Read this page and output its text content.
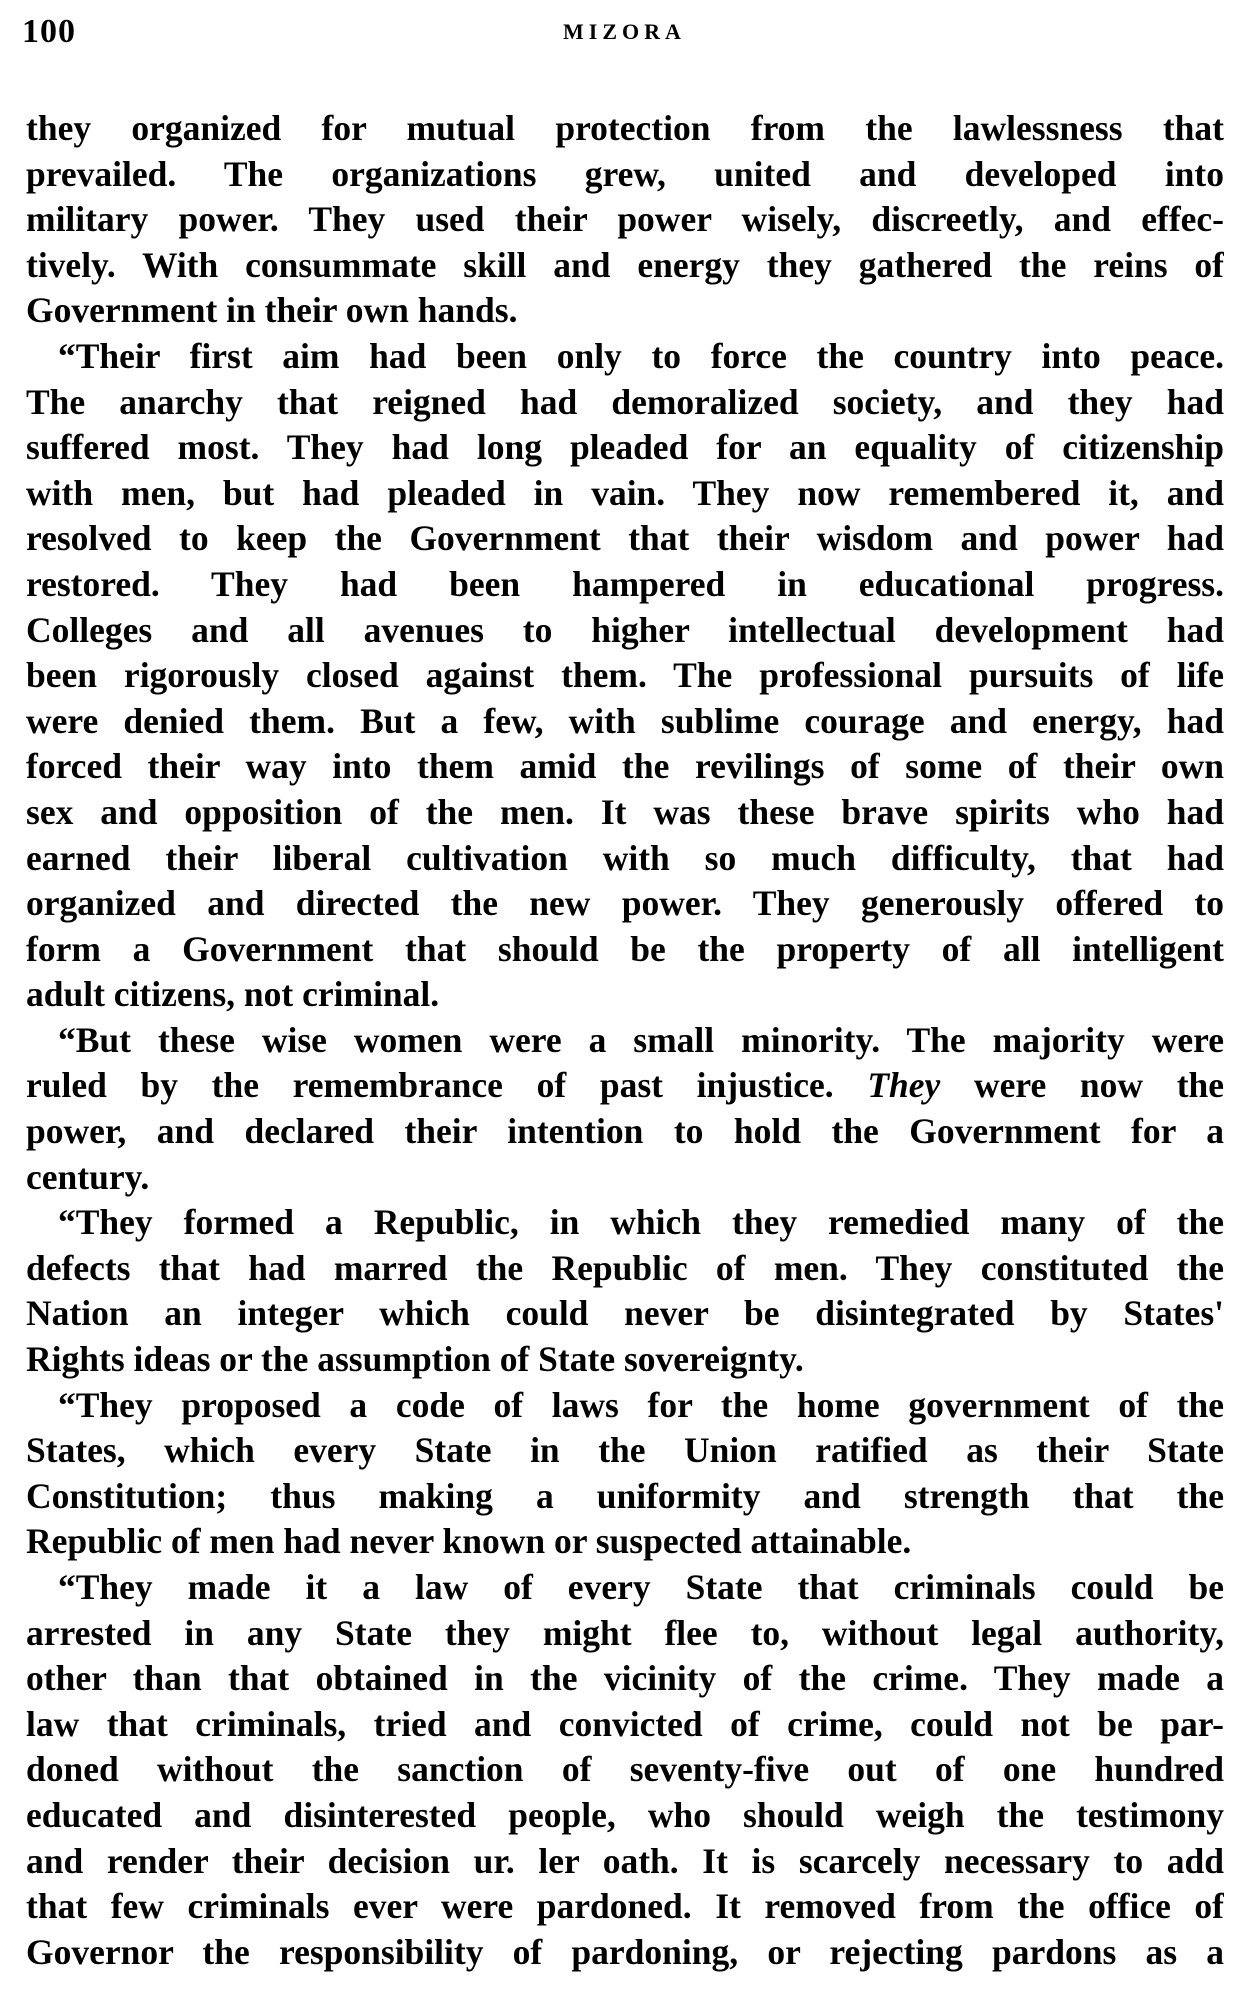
100	MIZORA
they organized for mutual protection from the lawlessness that
prevailed. The organizations grew, united and developed into
military power. They used their power wisely, discreetly, and effec-
tively. With consummate skill and energy they gathered the reins of
Government in their own hands.
“Their first aim had been only to force the country into peace.
The anarchy that reigned had demoralized society, and they had
suffered most. They had long pleaded for an equality of citizenship
with men, but had pleaded in vain. They now remembered it, and
resolved to keep the Government that their wisdom and power had
restored. They had been hampered in educational progress.
Colleges and all avenues to higher intellectual development had
been rigorously closed against them. The professional pursuits of life
were denied them. But a few, with sublime courage and energy, had
forced their way into them amid the revilings of some of their own
sex and opposition of the men. It was these brave spirits who had
earned their liberal cultivation with so much difficulty, that had
organized and directed the new power. They generously offered to
form a Government that should be the property of all intelligent
adult citizens, not criminal.
“But these wise women were a small minority. The majority were
ruled by the remembrance of past injustice. They were now the
power, and declared their intention to hold the Government for a
century.
“They formed a Republic, in which they remedied many of the
defects that had marred the Republic of men. They constituted the
Nation an integer which could never be disintegrated by States'
Rights ideas or the assumption of State sovereignty.
“They proposed a code of laws for the home government of the
States, which every State in the Union ratified as their State
Constitution; thus making a uniformity and strength that the
Republic of men had never known or suspected attainable.
“They made it a law of every State that criminals could be
arrested in any State they might flee to, without legal authority,
other than that obtained in the vicinity of the crime. They made a
law that criminals, tried and convicted of crime, could not be par-
doned without the sanction of seventy-five out of one hundred
educated and disinterested people, who should weigh the testimony
and render their decision ur. ler oath. It is scarcely necessary to add
that few criminals ever were pardoned. It removed from the office of
Governor the responsibility of pardoning, or rejecting pardons as a
